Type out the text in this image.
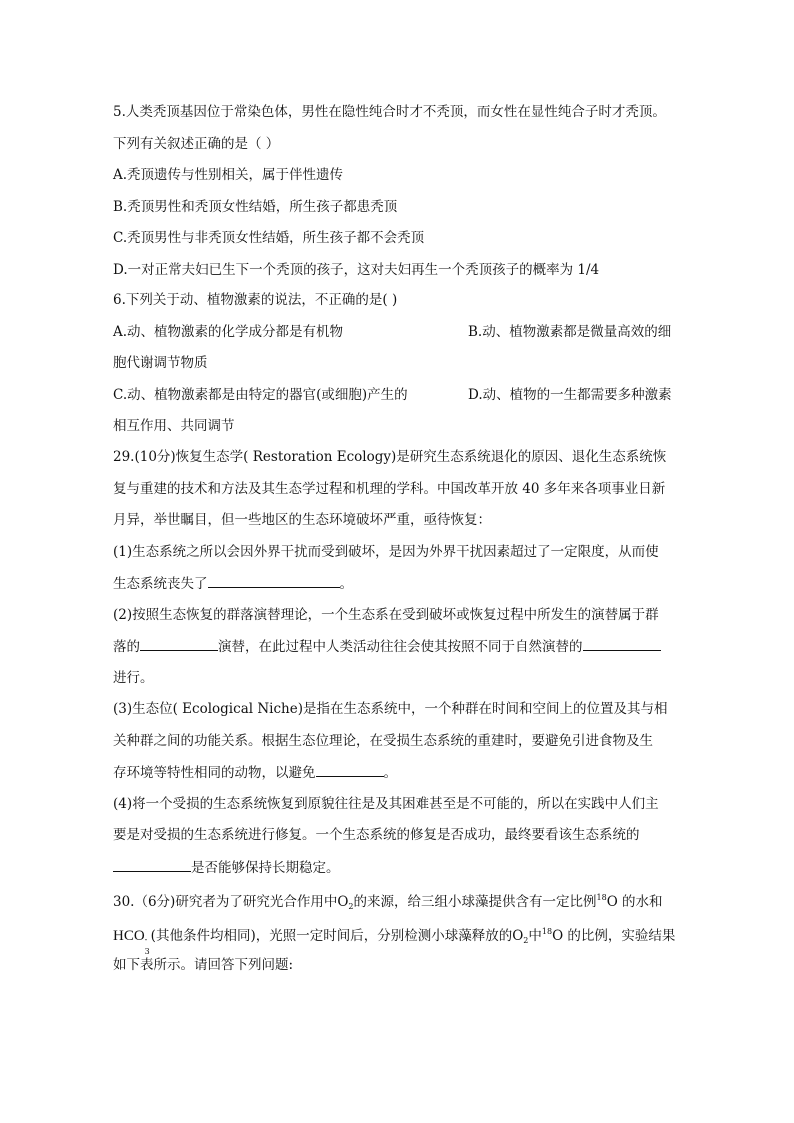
5.人类秃顶基因位于常染色体，男性在隐性纯合时才不秃顶，而女性在显性纯合子时才秃顶。
下列有关叙述正确的是（ ）
A.秃顶遗传与性别相关，属于伴性遗传
B.秃顶男性和秃顶女性结婚，所生孩子都患秃顶
C.秃顶男性与非秃顶女性结婚，所生孩子都不会秃顶
D.一对正常夫妇已生下一个秃顶的孩子，这对夫妇再生一个秃顶孩子的概率为 1/4
6.下列关于动、植物激素的说法，不正确的是( )
A.动、植物激素的化学成分都是有机物	B.动、植物激素都是微量高效的细
胞代谢调节物质
C.动、植物激素都是由特定的器官(或细胞)产生的	D.动、植物的一生都需要多种激素
相互作用、共同调节
29.(10分)恢复生态学( Restoration Ecology)是研究生态系统退化的原因、退化生态系统恢
复与重建的技术和方法及其生态学过程和机理的学科。中国改革开放 40 多年来各项事业日新
月异，举世瞩目，但一些地区的生态环境破坏严重，亟待恢复：
(1)生态系统之所以会因外界干扰而受到破坏，是因为外界干扰因素超过了一定限度，从而使
生态系统丧失了	。
(2)按照生态恢复的群落演替理论，一个生态系在受到破坏或恢复过程中所发生的演替属于群
落的	演替，在此过程中人类活动往往会使其按照不同于自然演替的
进行。
(3)生态位( Ecological Niche)是指在生态系统中，一个种群在时间和空间上的位置及其与相
关种群之间的功能关系。根据生态位理论，在受损生态系统的重建时，要避免引进食物及生
存环境等特性相同的动物，以避免	。
(4)将一个受损的生态系统恢复到原貌往往是及其困难甚至是不可能的，所以在实践中人们主
要是对受损的生态系统进行修复。一个生态系统的修复是否成功，最终要看该生态系统的
是否能够保持长期稳定。
30.（6分)研究者为了研究光合作用中$O_2$的来源，给三组小球藻提供含有一定比例$^{18}$O 的水和
HCO -
3
(其他条件均相同)，光照一定时间后，分别检测小球藻释放的$O_2$中$^{18}$O 的比例，实验结果
如下表所示。请回答下列问题:
